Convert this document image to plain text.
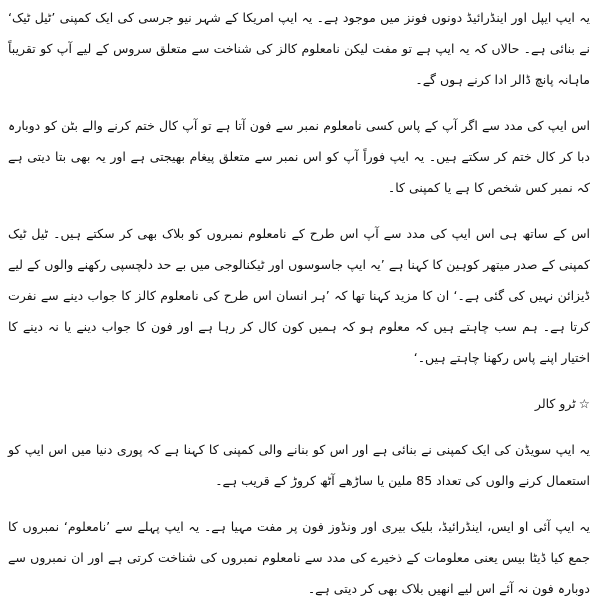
یہ ایپ ایپل اور اینڈرائیڈ دونوں فونز میں موجود ہے۔ یہ ایپ امریکا کے شہر نیو جرسی کی ایک کمپنی ’ٹیل ٹیک‘ نے بنائی ہے۔ حالاں کہ یہ ایپ ہے تو مفت لیکن نامعلوم کالز کی شناخت سے متعلق سروس کے لیے آپ کو تقریباً ماہانہ پانچ ڈالر ادا کرنے ہوں گے۔

اس ایپ کی مدد سے اگر آپ کے پاس کسی نامعلوم نمبر سے فون آتا ہے تو آپ کال ختم کرنے والے بٹن کو دوبارہ دبا کر کال ختم کر سکتے ہیں۔ یہ ایپ فوراً آپ کو اس نمبر سے متعلق پیغام بھیجتی ہے اور یہ بھی بتا دیتی ہے کہ نمبر کس شخص کا ہے یا کمپنی کا۔

اس کے ساتھ ہی اس ایپ کی مدد سے آپ اس طرح کے نامعلوم نمبروں کو بلاک بھی کر سکتے ہیں۔ ٹیل ٹیک کمپنی کے صدر میتھر کوہین کا کہنا ہے ’یہ ایپ جاسوسوں اور ٹیکنالوجی میں بے حد دلچسپی رکھنے والوں کے لیے ڈیزائن نہیں کی گئی ہے۔‘ ان کا مزید کہنا تھا کہ ’ہر انسان اس طرح کی نامعلوم کالز کا جواب دینے سے نفرت کرتا ہے۔ ہم سب چاہتے ہیں کہ معلوم ہو کہ ہمیں کون کال کر رہا ہے اور فون کا جواب دینے یا نہ دینے کا اختیار اپنے پاس رکھنا چاہتے ہیں۔‘

☆ٹرو کالر

یہ ایپ سویڈن کی ایک کمپنی نے بنائی ہے اور اس کو بنانے والی کمپنی کا کہنا ہے کہ پوری دنیا میں اس ایپ کو استعمال کرنے والوں کی تعداد 85 ملین یا ساڑھے آٹھ کروڑ کے قریب ہے۔

یہ ایپ آئی او ایس، اینڈرائیڈ، بلیک بیری اور ونڈوز فون پر مفت مہیا ہے۔ یہ ایپ پہلے سے ’نامعلوم‘ نمبروں کا جمع کیا ڈیٹا بیس یعنی معلومات کے ذخیرے کی مدد سے نامعلوم نمبروں کی شناخت کرتی ہے اور ان نمبروں سے دوبارہ فون نہ آئے اس لیے انھیں بلاک بھی کر دیتی ہے۔
